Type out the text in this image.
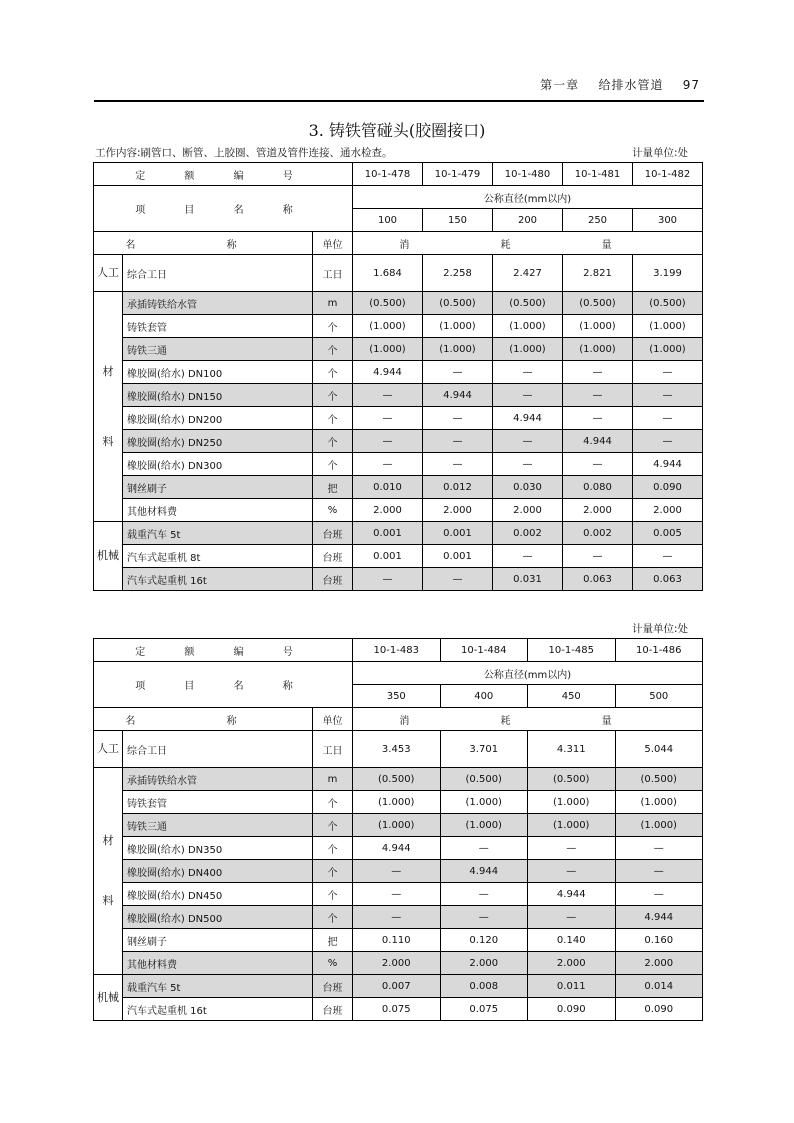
第一章 给排水管道 97
3. 铸铁管碰头(胶圈接口)
工作内容:刷管口、断管、上胶圈、管道及管件连接、通水检查。	计量单位:处
定 额 编 号			10-1-478	10-1-479	10-1-480	10-1-481	10-1-482
项 目 名 称			公称直径(mm以内)				
			100	150	200	250	300
名 称		单位	消 耗 量				

人工	综合工日	工日	1.684	2.258	2.427	2.821	3.199

材
料	承插铸铁给水管	m	(0.500)	(0.500)	(0.500)	(0.500)	(0.500)
	铸铁套管	个	(1.000)	(1.000)	(1.000)	(1.000)	(1.000)
	铸铁三通	个	(1.000)	(1.000)	(1.000)	(1.000)	(1.000)
	橡胶圈(给水) DN100	个	4.944	—	—	—	—
	橡胶圈(给水) DN150	个	—	4.944	—	—	—
	橡胶圈(给水) DN200	个	—	—	4.944	—	—
	橡胶圈(给水) DN250	个	—	—	—	4.944	—
	橡胶圈(给水) DN300	个	—	—	—	—	4.944
	钢丝刷子	把	0.010	0.012	0.030	0.080	0.090
	其他材料费	%	2.000	2.000	2.000	2.000	2.000

机械	载重汽车 5t	台班	0.001	0.001	0.002	0.002	0.005
	汽车式起重机 8t	台班	0.001	0.001	—	—	—
	汽车式起重机 16t	台班	—	—	0.031	0.063	0.063
计量单位:处
定 额 编 号			10-1-483	10-1-484	10-1-485	10-1-486
项 目 名 称			公称直径(mm以内)			
			350	400	450	500
名 称		单位	消 耗 量			

人工	综合工日	工日	3.453	3.701	4.311	5.044

材
料	承插铸铁给水管	m	(0.500)	(0.500)	(0.500)	(0.500)
	铸铁套管	个	(1.000)	(1.000)	(1.000)	(1.000)
	铸铁三通	个	(1.000)	(1.000)	(1.000)	(1.000)
	橡胶圈(给水) DN350	个	4.944	—	—	—
	橡胶圈(给水) DN400	个	—	4.944	—	—
	橡胶圈(给水) DN450	个	—	—	4.944	—
	橡胶圈(给水) DN500	个	—	—	—	4.944
	钢丝刷子	把	0.110	0.120	0.140	0.160
	其他材料费	%	2.000	2.000	2.000	2.000

机械	载重汽车 5t	台班	0.007	0.008	0.011	0.014
	汽车式起重机 16t	台班	0.075	0.075	0.090	0.090
